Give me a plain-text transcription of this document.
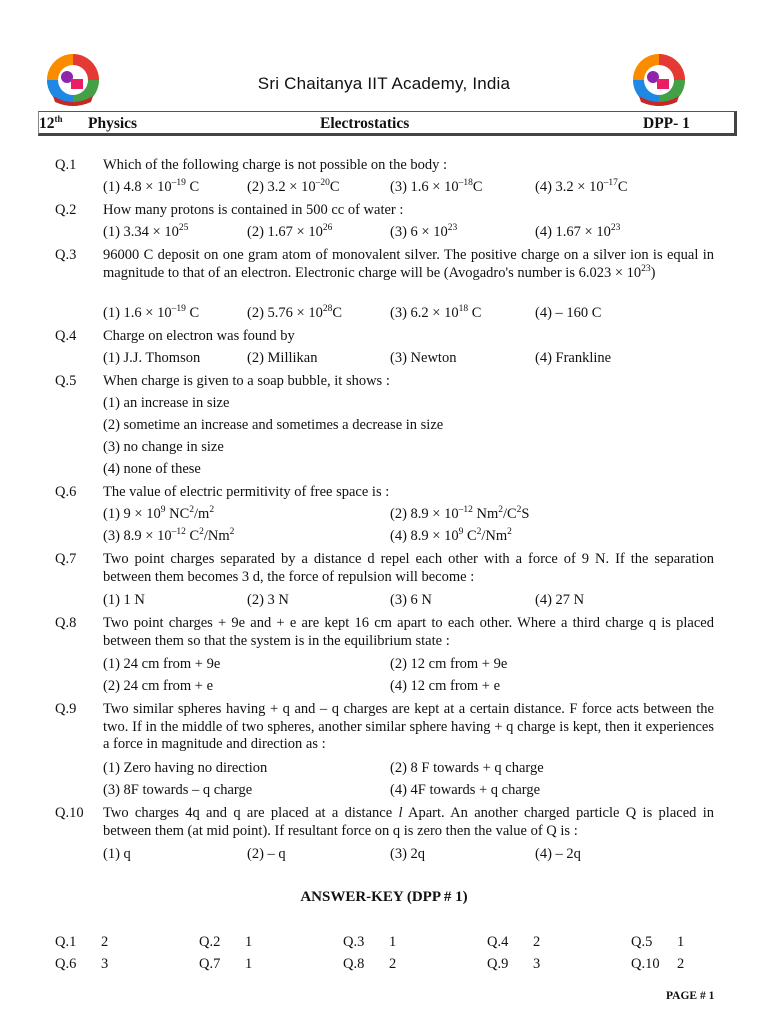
Sri Chaitanya IIT Academy, India
12th Physics	Electrostatics	DPP- 1
Q.1 Which of the following charge is not possible on the body :
(1) $4.8 \times 10^{-19}$ C	(2) $3.2 \times 10^{-20}C$	(3) $1.6 \times 10^{-18}C$	(4) $3.2 \times 10^{-17}C$
Q.2 How many protons is contained in 500 cc of water :
(1) $3.34 \times 10^{25}$	(2) $1.67 \times 10^{26}$	(3) $6 \times 10^{23}$	(4) $1.67 \times 10^{23}$
Q.3 96000 C deposit on one gram atom of monovalent silver. The positive charge on a silver ion is equal in magnitude to that of an electron. Electronic charge will be (Avogadro's number is $6.023 \times 10^{23}$)
(1) $1.6 \times 10^{-19}$ C	(2) $5.76 \times 10^{28}C$	(3) $6.2 \times 10^{18}$ C	(4) – 160 C
Q.4 Charge on electron was found by
(1) J.J. Thomson	(2) Millikan	(3) Newton	(4) Frankline
Q.5 When charge is given to a soap bubble, it shows :
(1) an increase in size
(2) sometime an increase and sometimes a decrease in size
(3) no change in size
(4) none of these
Q.6 The value of electric permitivity of free space is :
(1) $9 \times 10^9$ $NC^2/m^2$	(2) $8.9 \times 10^{-12}$ $Nm^2/C^2S$
(3) $8.9 \times 10^{-12}$ $C^2/Nm^2$	(4) $8.9 \times 10^9$ $C^2/Nm^2$
Q.7 Two point charges separated by a distance d repel each other with a force of 9 N. If the separation between them becomes 3 d, the force of repulsion will become :
(1) 1 N	(2) 3 N	(3) 6 N	(4) 27 N
Q.8 Two point charges + 9e and + e are kept 16 cm apart to each other. Where a third charge q is placed between them so that the system is in the equilibrium state :
(1) 24 cm from + 9e	(2) 12 cm from + 9e
(2) 24 cm from + e	(4) 12 cm from + e
Q.9 Two similar spheres having + q and – q charges are kept at a certain distance. F force acts between the two. If in the middle of two spheres, another similar sphere having + q charge is kept, then it experiences a force in magnitude and direction as :
(1) Zero having no direction	(2) 8 F towards + q charge
(3) 8F towards – q charge	(4) 4F towards + q charge
Q.10 Two charges 4q and q are placed at a distance l Apart. An another charged particle Q is placed in between them (at mid point). If resultant force on q is zero then the value of Q is :
(1) q	(2) – q	(3) 2q	(4) – 2q
ANSWER-KEY (DPP # 1)
Q.1 2	Q.2 1	Q.3 1	Q.4 2	Q.5 1
Q.6 3	Q.7 1	Q.8 2	Q.9 3	Q.10 2
PAGE # 1
